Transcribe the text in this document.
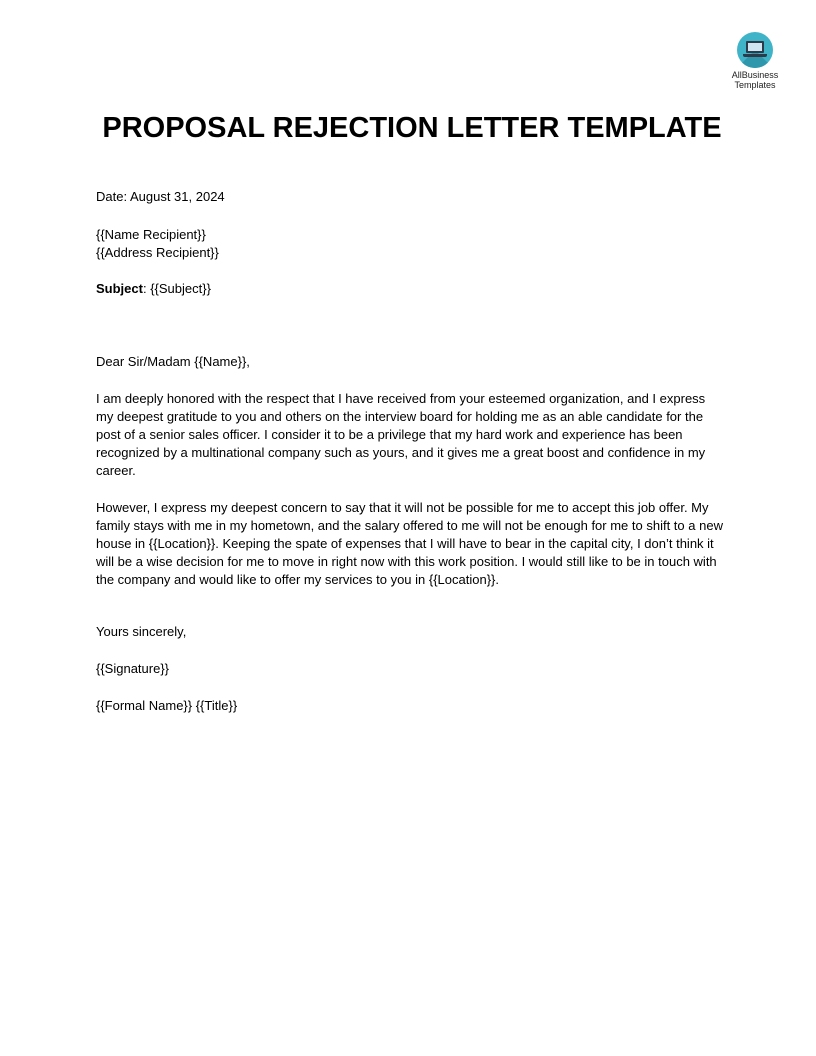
AllBusiness
Templates
PROPOSAL REJECTION LETTER TEMPLATE
Date: August 31, 2024
{{Name Recipient}}
{{Address Recipient}}
Subject: {{Subject}}
Dear Sir/Madam {{Name}},
I am deeply honored with the respect that I have received from your esteemed organization, and I express my deepest gratitude to you and others on the interview board for holding me as an able candidate for the post of a senior sales officer. I consider it to be a privilege that my hard work and experience has been recognized by a multinational company such as yours, and it gives me a great boost and confidence in my career.
However, I express my deepest concern to say that it will not be possible for me to accept this job offer. My family stays with me in my hometown, and the salary offered to me will not be enough for me to shift to a new house in {{Location}}. Keeping the spate of expenses that I will have to bear in the capital city, I don’t think it will be a wise decision for me to move in right now with this work position. I would still like to be in touch with the company and would like to offer my services to you in {{Location}}.
Yours sincerely,
{{Signature}}
{{Formal Name}} {{Title}}
